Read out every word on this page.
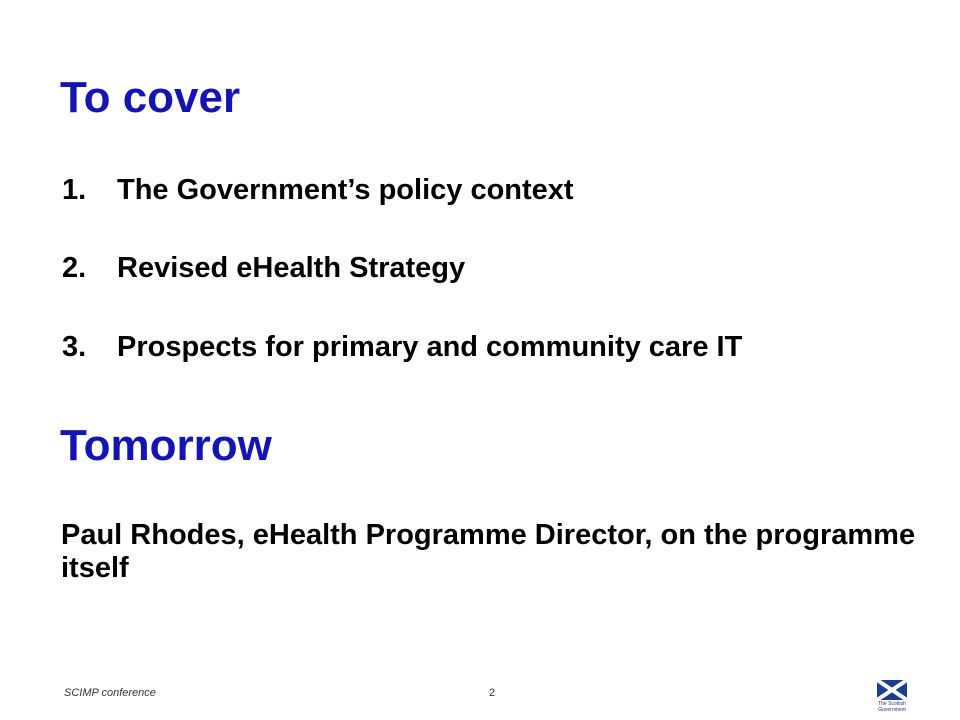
To cover
1. The Government’s policy context
2. Revised eHealth Strategy
3. Prospects for primary and community care IT
Tomorrow
Paul Rhodes, eHealth Programme Director, on the programme itself
SCIMP conference	2
The Scottish Government
